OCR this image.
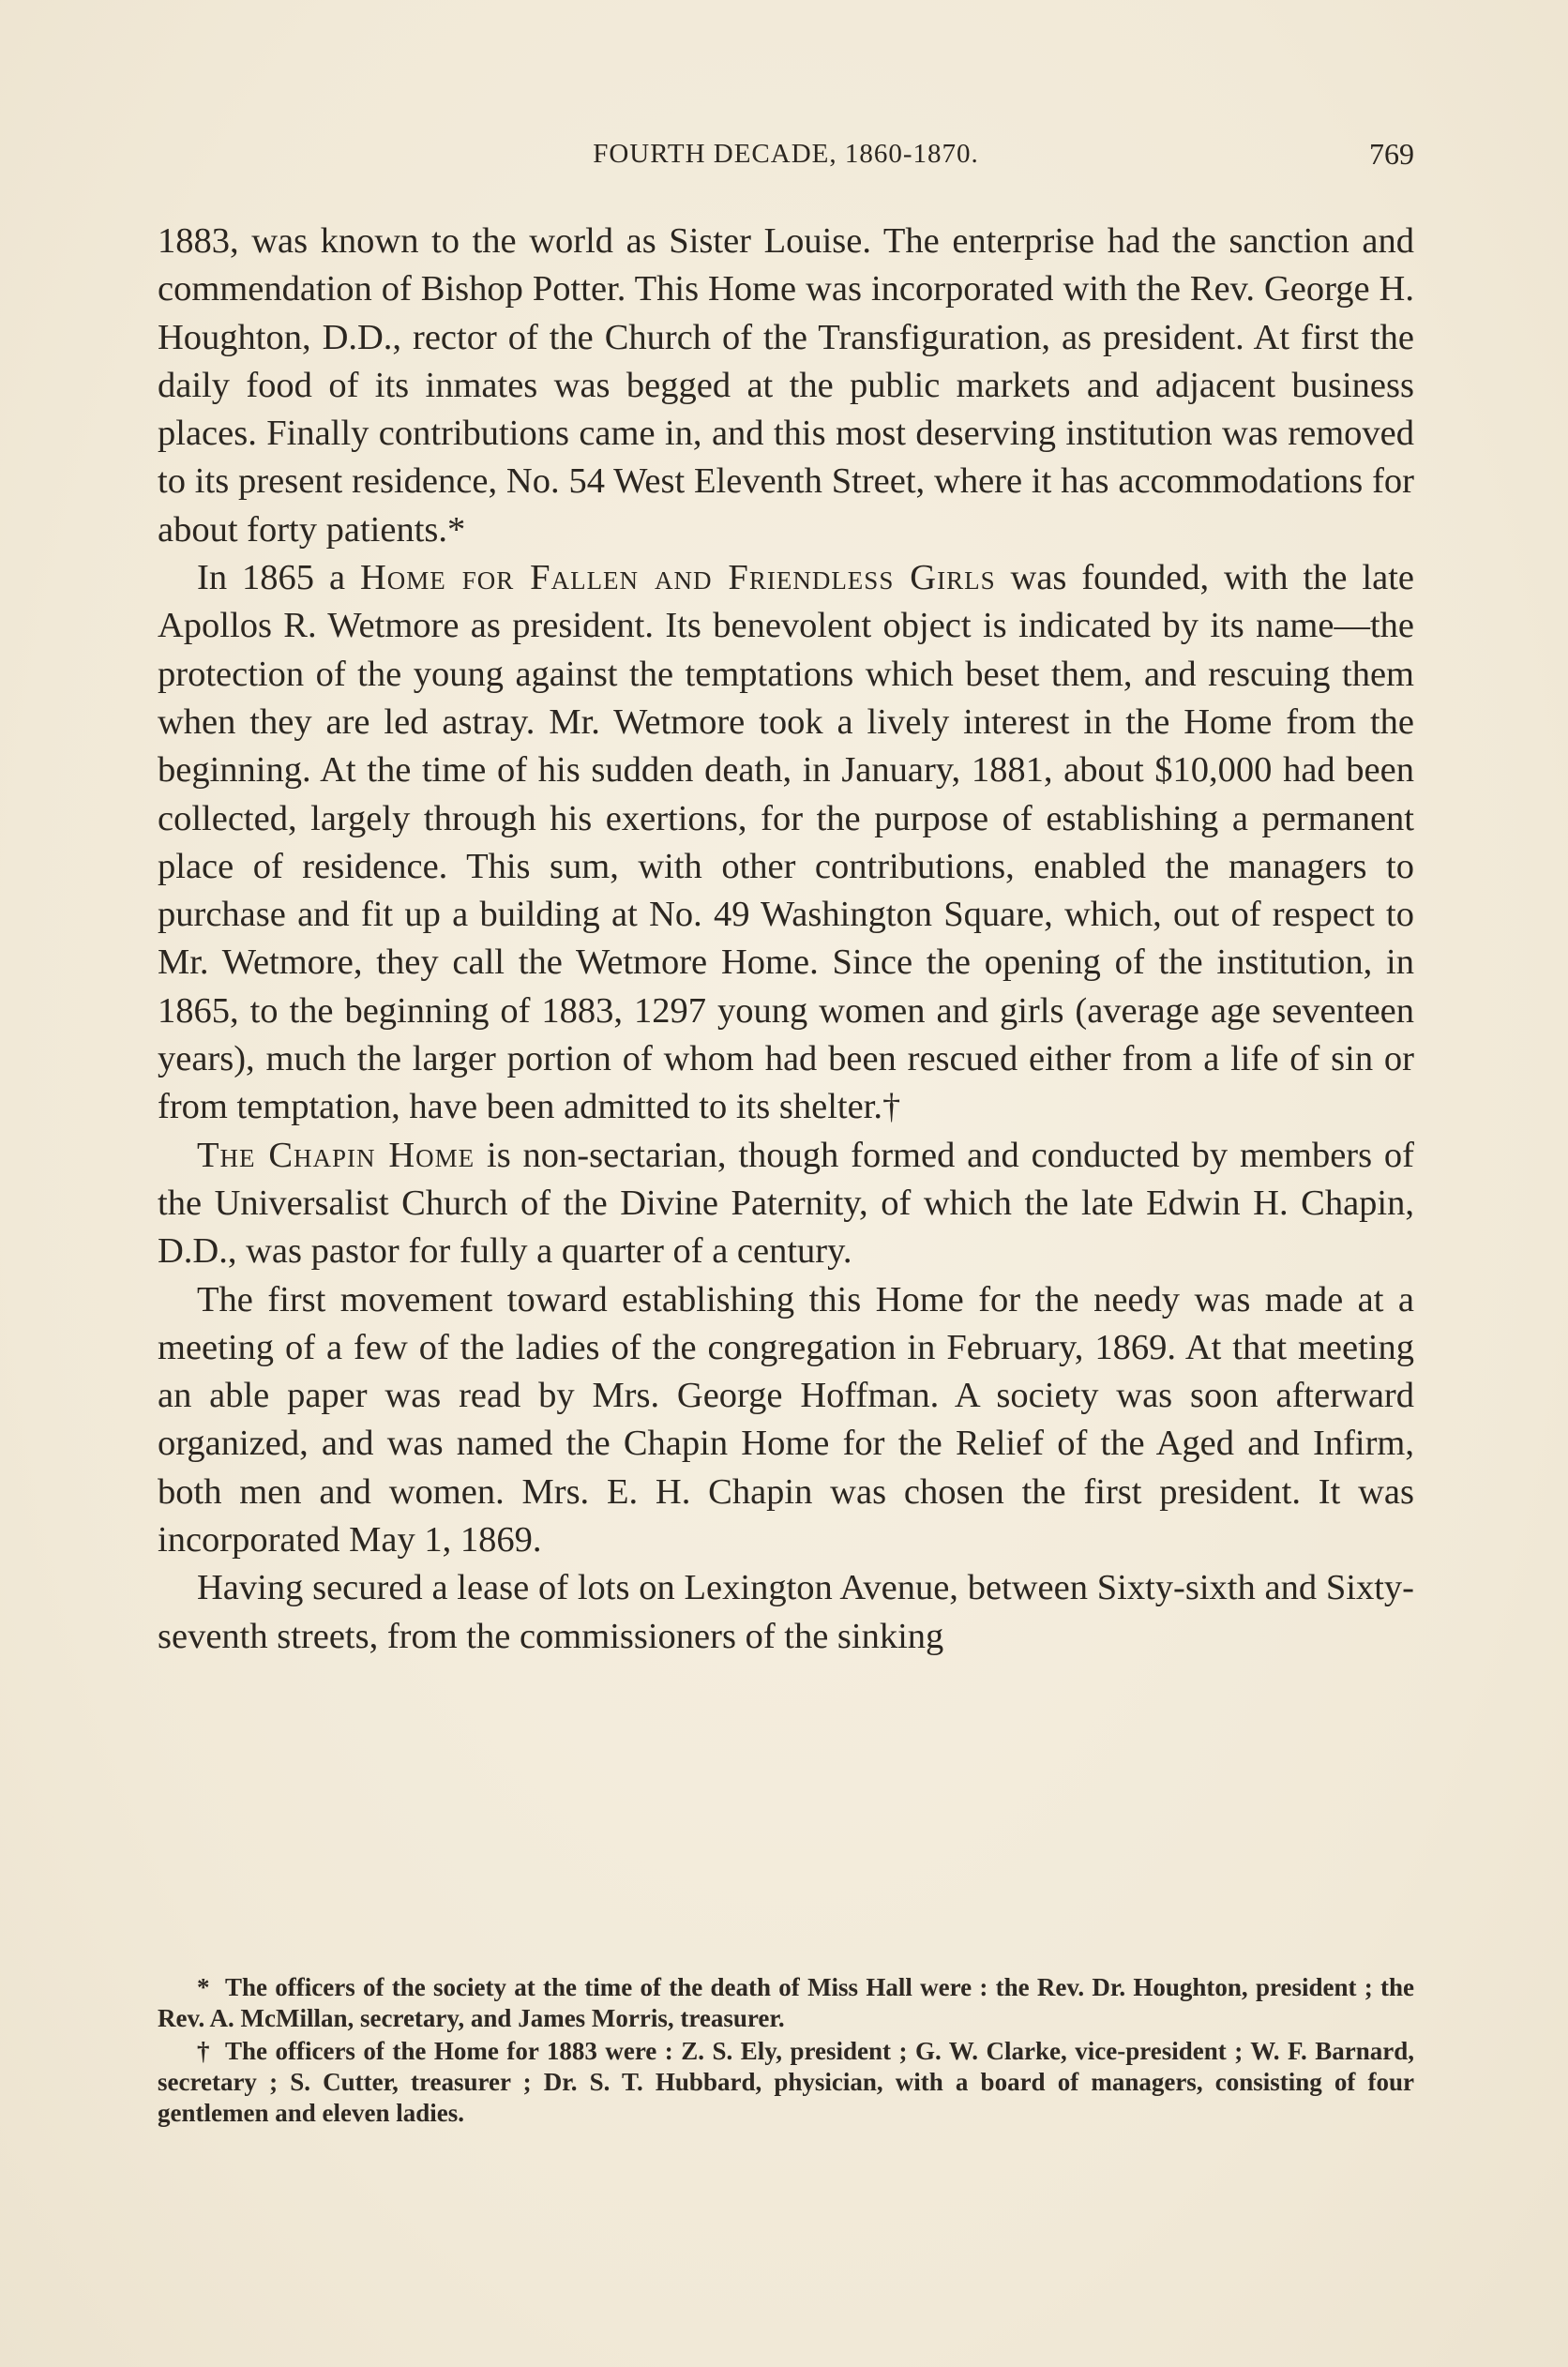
FOURTH DECADE, 1860-1870.	769

1883, was known to the world as Sister Louise. The enterprise had the sanction and commendation of Bishop Potter. This Home was incorporated with the Rev. George H. Houghton, D.D., rector of the Church of the Transfiguration, as president. At first the daily food of its inmates was begged at the public markets and adjacent business places. Finally contributions came in, and this most deserving institution was removed to its present residence, No. 54 West Eleventh Street, where it has accommodations for about forty patients.*

In 1865 a Home for Fallen and Friendless Girls was founded, with the late Apollos R. Wetmore as president. Its benevolent object is indicated by its name—the protection of the young against the temptations which beset them, and rescuing them when they are led astray. Mr. Wetmore took a lively interest in the Home from the beginning. At the time of his sudden death, in January, 1881, about $10,000 had been collected, largely through his exertions, for the purpose of establishing a permanent place of residence. This sum, with other contributions, enabled the managers to purchase and fit up a building at No. 49 Washington Square, which, out of respect to Mr. Wetmore, they call the Wetmore Home. Since the opening of the institution, in 1865, to the beginning of 1883, 1297 young women and girls (average age seventeen years), much the larger portion of whom had been rescued either from a life of sin or from temptation, have been admitted to its shelter.†

The Chapin Home is non-sectarian, though formed and conducted by members of the Universalist Church of the Divine Paternity, of which the late Edwin H. Chapin, D.D., was pastor for fully a quarter of a century.

The first movement toward establishing this Home for the needy was made at a meeting of a few of the ladies of the congregation in February, 1869. At that meeting an able paper was read by Mrs. George Hoffman. A society was soon afterward organized, and was named the Chapin Home for the Relief of the Aged and Infirm, both men and women. Mrs. E. H. Chapin was chosen the first president. It was incorporated May 1, 1869.

Having secured a lease of lots on Lexington Avenue, between Sixty-sixth and Sixty-seventh streets, from the commissioners of the sinking

* The officers of the society at the time of the death of Miss Hall were : the Rev. Dr. Houghton, president ; the Rev. A. McMillan, secretary, and James Morris, treasurer.

† The officers of the Home for 1883 were : Z. S. Ely, president ; G. W. Clarke, vice-president ; W. F. Barnard, secretary ; S. Cutter, treasurer ; Dr. S. T. Hubbard, physician, with a board of managers, consisting of four gentlemen and eleven ladies.
